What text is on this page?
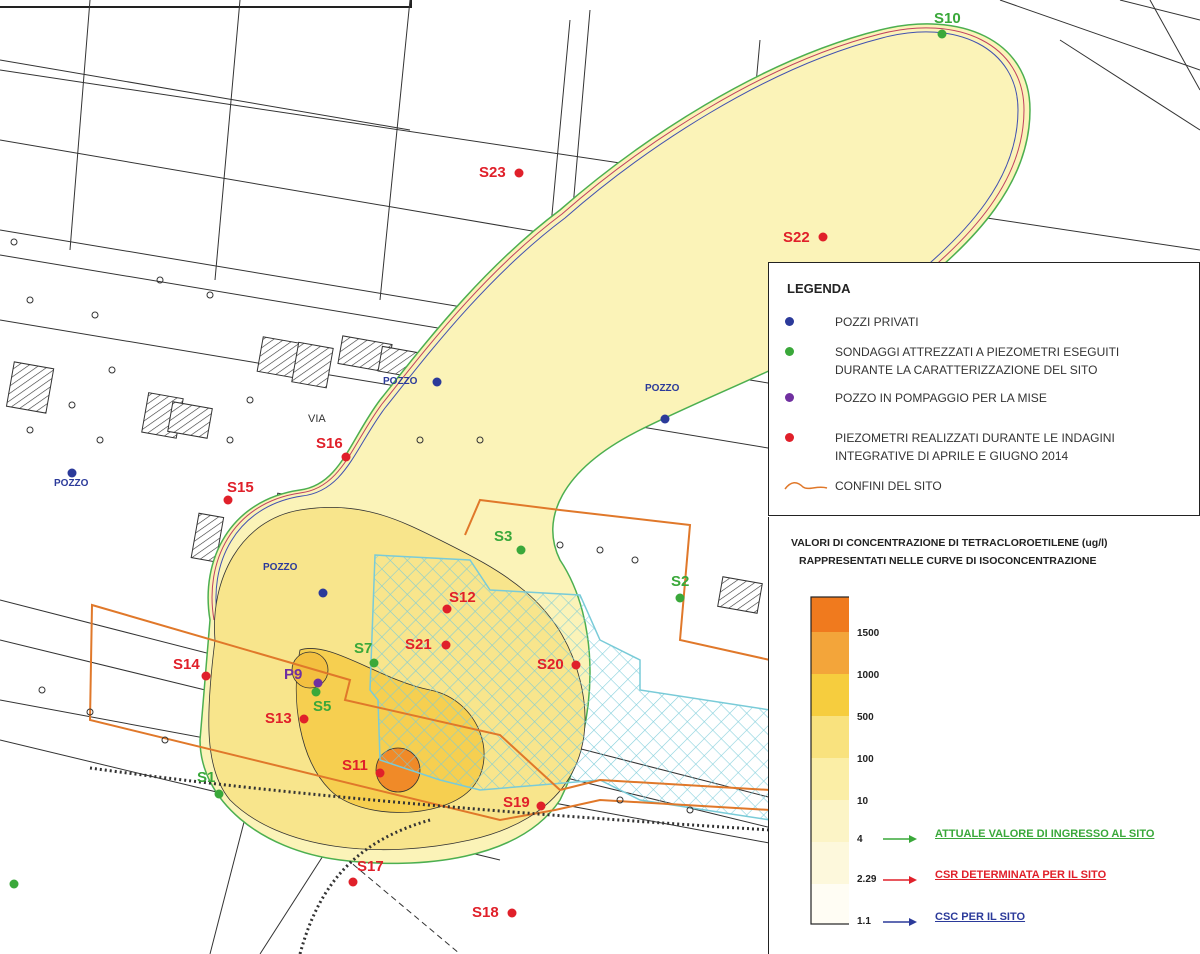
S23
S22
S16
S15
S12
S21
S20
S14
S13
S11
S19
S17
S18
S10
S3
S2
S7
S5
S1
P9
POZZO
POZZO
POZZO
POZZO
VIA
LEGENDA
POZZI PRIVATI
SONDAGGI ATTREZZATI A PIEZOMETRI ESEGUITI DURANTE LA CARATTERIZZAZIONE DEL SITO
POZZO IN POMPAGGIO PER LA MISE
PIEZOMETRI REALIZZATI DURANTE LE INDAGINI INTEGRATIVE DI APRILE E GIUGNO 2014
CONFINI DEL SITO
VALORI DI CONCENTRAZIONE DI TETRACLOROETILENE (ug/l)
RAPPRESENTATI NELLE CURVE DI ISOCONCENTRAZIONE
1500
1000
500
100
10
4
2.29
1.1
ATTUALE VALORE DI INGRESSO AL SITO
CSR DETERMINATA PER IL SITO
CSC PER IL SITO
